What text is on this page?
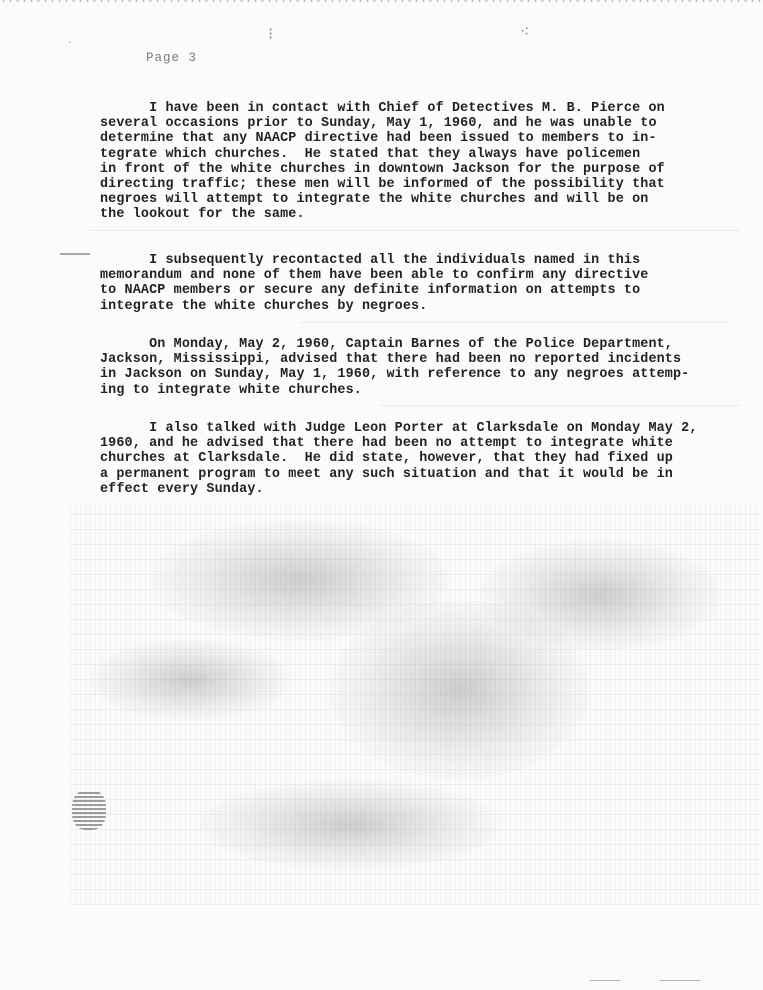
⁝	⁖
·
Page 3

I have been in contact with Chief of Detectives M. B. Pierce on
several occasions prior to Sunday, May 1, 1960, and he was unable to
determine that any NAACP directive had been issued to members to in-
tegrate which churches.  He stated that they always have policemen
in front of the white churches in downtown Jackson for the purpose of
directing traffic; these men will be informed of the possibility that
negroes will attempt to integrate the white churches and will be on
the lookout for the same.

I subsequently recontacted all the individuals named in this
memorandum and none of them have been able to confirm any directive
to NAACP members or secure any definite information on attempts to
integrate the white churches by negroes.

On Monday, May 2, 1960, Captain Barnes of the Police Department,
Jackson, Mississippi, advised that there had been no reported incidents
in Jackson on Sunday, May 1, 1960, with reference to any negroes attemp-
ing to integrate white churches.

I also talked with Judge Leon Porter at Clarksdale on Monday May 2,
1960, and he advised that there had been no attempt to integrate white
churches at Clarksdale.  He did state, however, that they had fixed up
a permanent program to meet any such situation and that it would be in
effect every Sunday.
